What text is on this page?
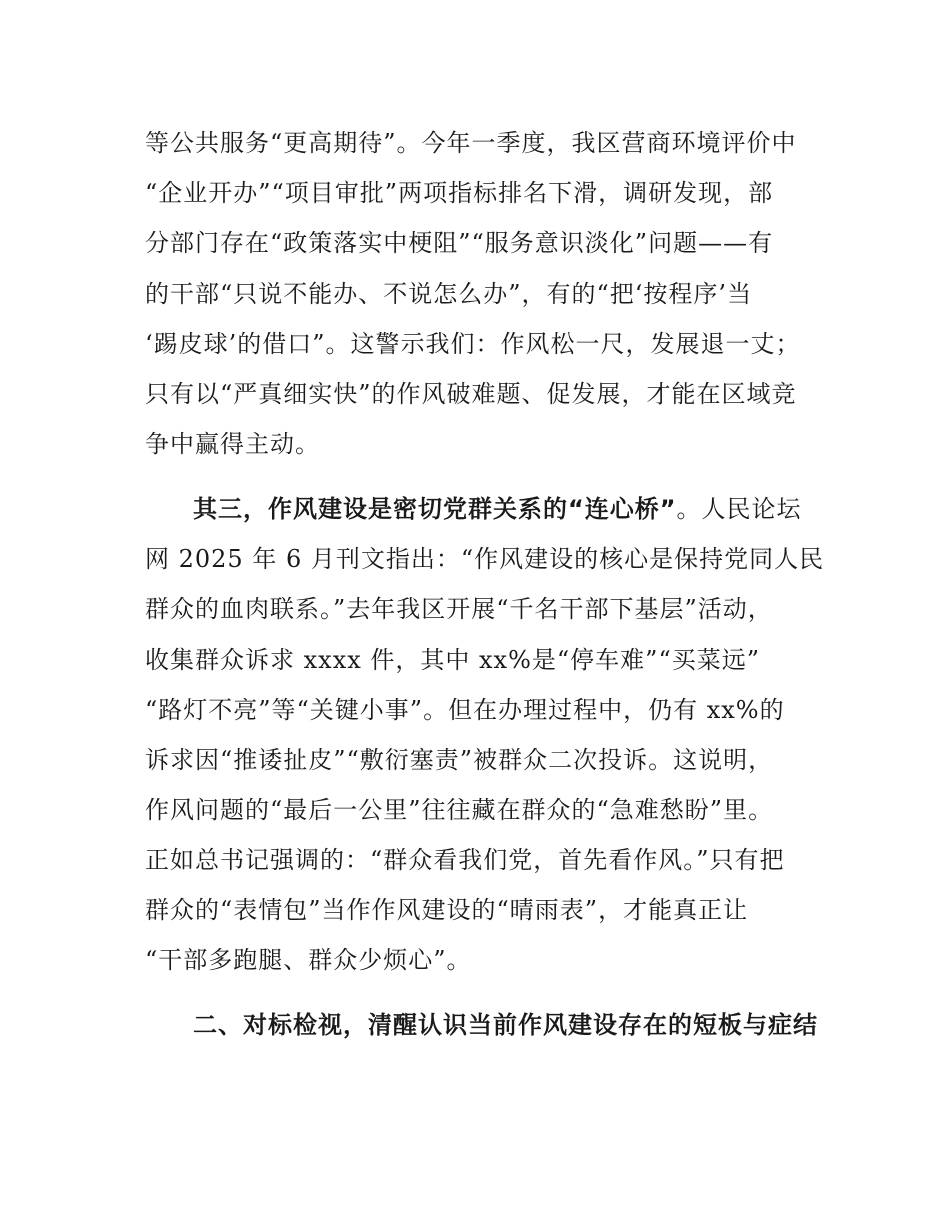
等公共服务“更高期待”。今年一季度，我区营商环境评价中
“企业开办”“项目审批”两项指标排名下滑，调研发现，部
分部门存在“政策落实中梗阻”“服务意识淡化”问题——有
的干部“只说不能办、不说怎么办”，有的“把‘按程序’当
‘踢皮球’的借口”。这警示我们：作风松一尺，发展退一丈；
只有以“严真细实快”的作风破难题、促发展，才能在区域竞
争中赢得主动。
其三，作风建设是密切党群关系的“连心桥”。人民论坛
网 2025 年 6 月刊文指出：“作风建设的核心是保持党同人民
群众的血肉联系。”去年我区开展“千名干部下基层”活动，
收集群众诉求 xxxx 件，其中 xx%是“停车难”“买菜远”
“路灯不亮”等“关键小事”。但在办理过程中，仍有 xx%的
诉求因“推诿扯皮”“敷衍塞责”被群众二次投诉。这说明，
作风问题的“最后一公里”往往藏在群众的“急难愁盼”里。
正如总书记强调的：“群众看我们党，首先看作风。”只有把
群众的“表情包”当作作风建设的“晴雨表”，才能真正让
“干部多跑腿、群众少烦心”。
二、对标检视，清醒认识当前作风建设存在的短板与症结
